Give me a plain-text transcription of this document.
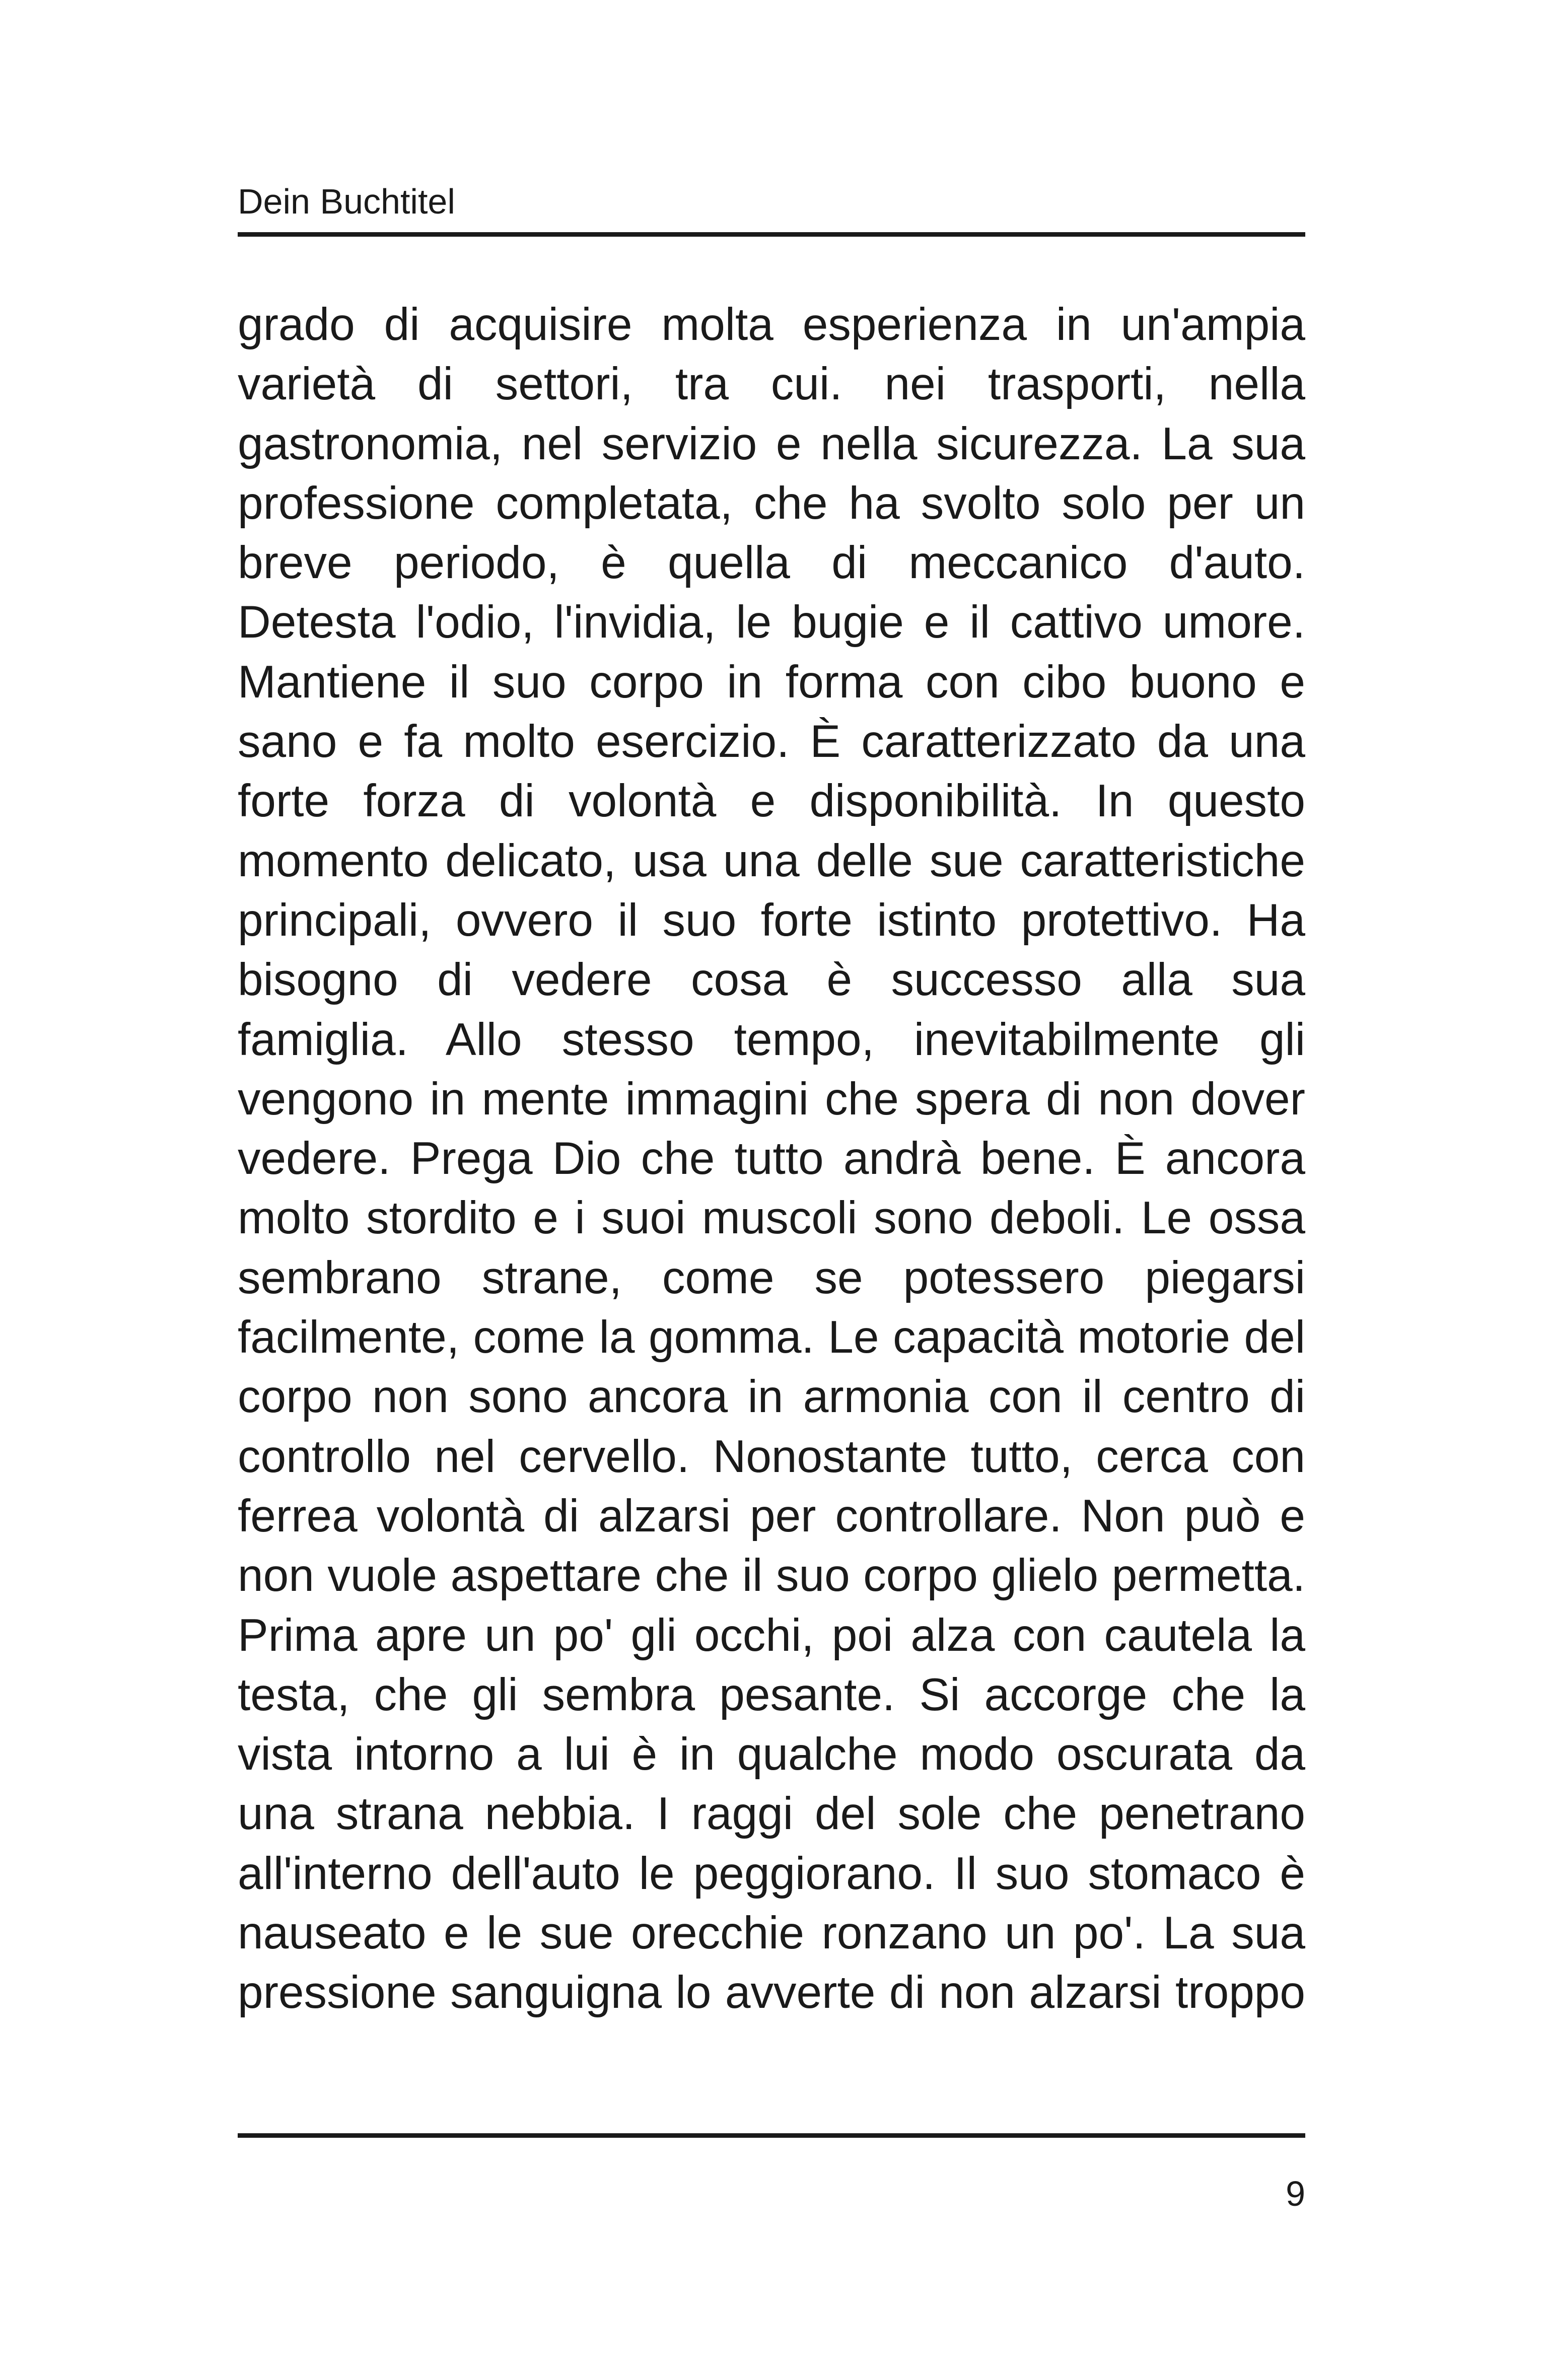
Dein Buchtitel
grado di acquisire molta esperienza in un'ampia
varietà di settori, tra cui. nei trasporti, nella
gastronomia, nel servizio e nella sicurezza. La sua
professione completata, che ha svolto solo per un
breve periodo, è quella di meccanico d'auto.
Detesta l'odio, l'invidia, le bugie e il cattivo umore.
Mantiene il suo corpo in forma con cibo buono e
sano e fa molto esercizio. È caratterizzato da una
forte forza di volontà e disponibilità. In questo
momento delicato, usa una delle sue caratteristiche
principali, ovvero il suo forte istinto protettivo. Ha
bisogno di vedere cosa è successo alla sua
famiglia. Allo stesso tempo, inevitabilmente gli
vengono in mente immagini che spera di non dover
vedere. Prega Dio che tutto andrà bene. È ancora
molto stordito e i suoi muscoli sono deboli. Le ossa
sembrano strane, come se potessero piegarsi
facilmente, come la gomma. Le capacità motorie del
corpo non sono ancora in armonia con il centro di
controllo nel cervello. Nonostante tutto, cerca con
ferrea volontà di alzarsi per controllare. Non può e
non vuole aspettare che il suo corpo glielo permetta.
Prima apre un po' gli occhi, poi alza con cautela la
testa, che gli sembra pesante. Si accorge che la
vista intorno a lui è in qualche modo oscurata da
una strana nebbia. I raggi del sole che penetrano
all'interno dell'auto le peggiorano. Il suo stomaco è
nauseato e le sue orecchie ronzano un po'. La sua
pressione sanguigna lo avverte di non alzarsi troppo
9
